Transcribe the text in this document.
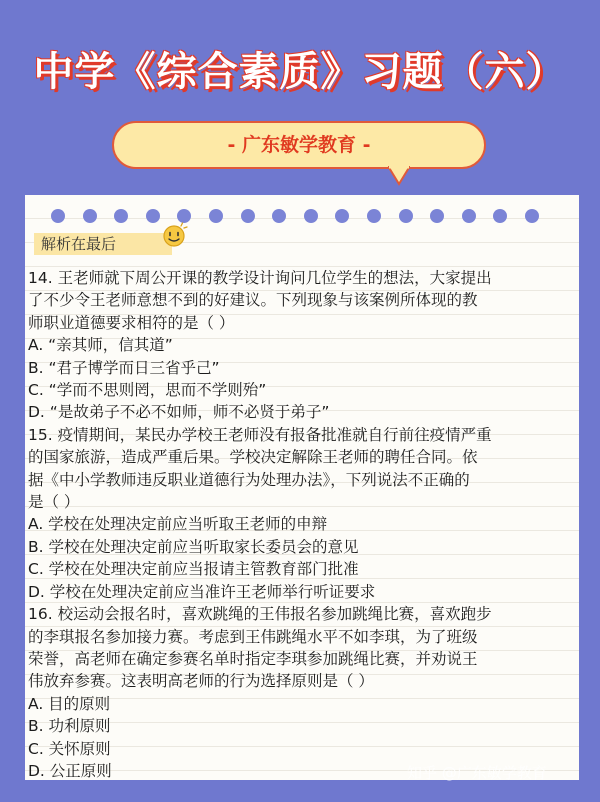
中学《综合素质》习题（六）
- 广东敏学教育 -
解析在最后
14. 王老师就下周公开课的教学设计询问几位学生的想法，大家提出
了不少令王老师意想不到的好建议。下列现象与该案例所体现的教
师职业道德要求相符的是（ ）
A. “亲其师，信其道”
B. “君子博学而日三省乎己”
C. “学而不思则罔，思而不学则殆”
D. “是故弟子不必不如师，师不必贤于弟子”
15. 疫情期间，某民办学校王老师没有报备批准就自行前往疫情严重
的国家旅游，造成严重后果。学校决定解除王老师的聘任合同。依
据《中小学教师违反职业道德行为处理办法》，下列说法不正确的
是（ ）
A. 学校在处理决定前应当听取王老师的申辩
B. 学校在处理决定前应当听取家长委员会的意见
C. 学校在处理决定前应当报请主管教育部门批准
D. 学校在处理决定前应当准许王老师举行听证要求
16. 校运动会报名时，喜欢跳绳的王伟报名参加跳绳比赛，喜欢跑步
的李琪报名参加接力赛。考虑到王伟跳绳水平不如李琪，为了班级
荣誉，高老师在确定参赛名单时指定李琪参加跳绳比赛，并劝说王
伟放弃参赛。这表明高老师的行为选择原则是（ ）
A. 目的原则
B. 功利原则
C. 关怀原则
D. 公正原则	知乎 @广东敏学教育
